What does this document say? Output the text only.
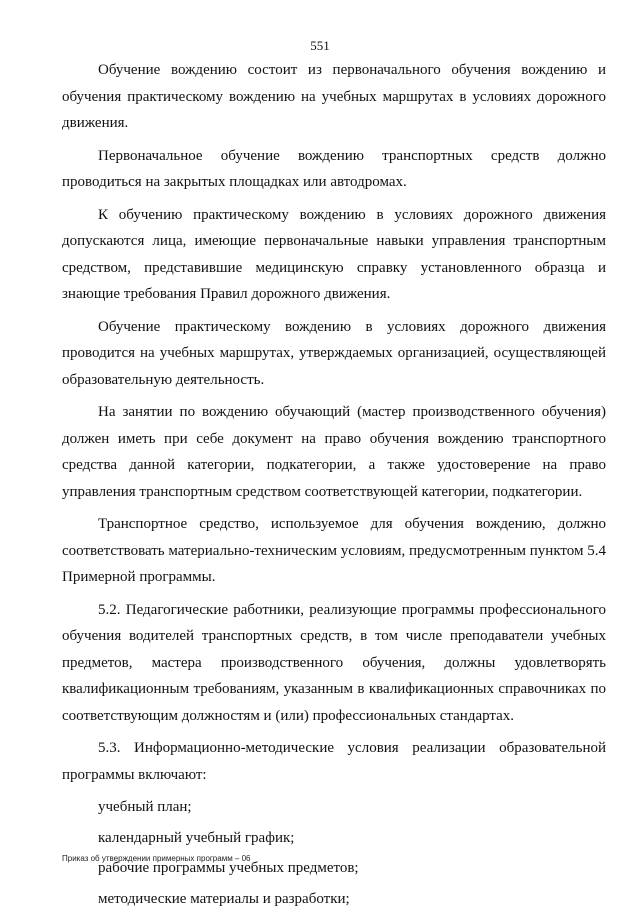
551

Обучение вождению состоит из первоначального обучения вождению и обучения практическому вождению на учебных маршрутах в условиях дорожного движения.

Первоначальное обучение вождению транспортных средств должно проводиться на закрытых площадках или автодромах.

К обучению практическому вождению в условиях дорожного движения допускаются лица, имеющие первоначальные навыки управления транспортным средством, представившие медицинскую справку установленного образца и знающие требования Правил дорожного движения.

Обучение практическому вождению в условиях дорожного движения проводится на учебных маршрутах, утверждаемых организацией, осуществляющей образовательную деятельность.

На занятии по вождению обучающий (мастер производственного обучения) должен иметь при себе документ на право обучения вождению транспортного средства данной категории, подкатегории, а также удостоверение на право управления транспортным средством соответствующей категории, подкатегории.

Транспортное средство, используемое для обучения вождению, должно соответствовать материально-техническим условиям, предусмотренным пунктом 5.4 Примерной программы.

5.2. Педагогические работники, реализующие программы профессионального обучения водителей транспортных средств, в том числе преподаватели учебных предметов, мастера производственного обучения, должны удовлетворять квалификационным требованиям, указанным в квалификационных справочниках по соответствующим должностям и (или) профессиональных стандартах.

5.3. Информационно-методические условия реализации образовательной программы включают:

учебный план;
календарный учебный график;
рабочие программы учебных предметов;
методические материалы и разработки;
Приказ об утверждении примерных программ – 06
